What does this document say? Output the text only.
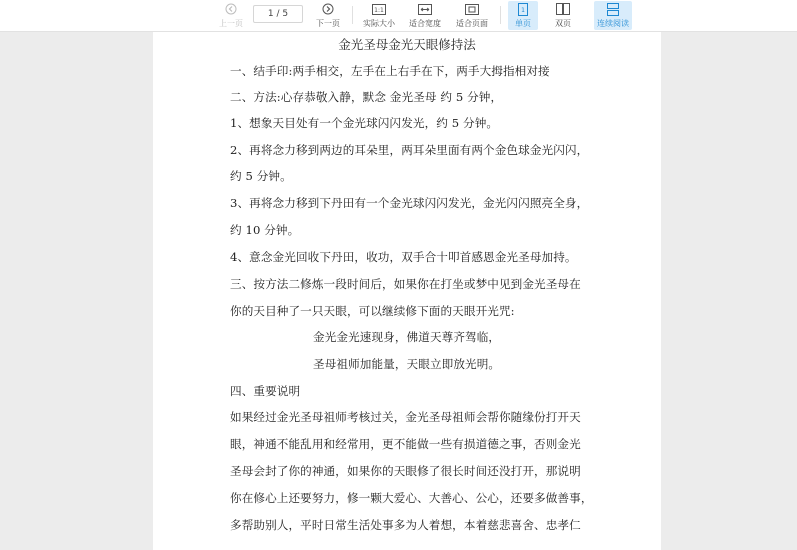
上一页
1 / 5
下一页
1:1
实际大小 适合宽度 适合页面
1
单页	双页	连续阅读
金光圣母金光天眼修持法
一、结手印:两手相交，左手在上右手在下，两手大拇指相对接
二、方法:心存恭敬入静，默念 金光圣母 约 5 分钟，
1、想象天目处有一个金光球闪闪发光，约 5 分钟。
2、再将念力移到两边的耳朵里，两耳朵里面有两个金色球金光闪闪，
约 5 分钟。
3、再将念力移到下丹田有一个金光球闪闪发光，金光闪闪照亮全身，
约 10 分钟。
4、意念金光回收下丹田，收功，双手合十叩首感恩金光圣母加持。
三、按方法二修炼一段时间后，如果你在打坐或梦中见到金光圣母在
你的天目种了一只天眼，可以继续修下面的天眼开光咒:
金光金光速现身，佛道天尊齐驾临，
圣母祖师加能量，天眼立即放光明。
四、重要说明
如果经过金光圣母祖师考核过关，金光圣母祖师会帮你随缘份打开天
眼，神通不能乱用和经常用，更不能做一些有损道德之事，否则金光
圣母会封了你的神通，如果你的天眼修了很长时间还没打开，那说明
你在修心上还要努力，修一颗大爱心、大善心、公心，还要多做善事，
多帮助别人，平时日常生活处事多为人着想，本着慈悲喜舍、忠孝仁
